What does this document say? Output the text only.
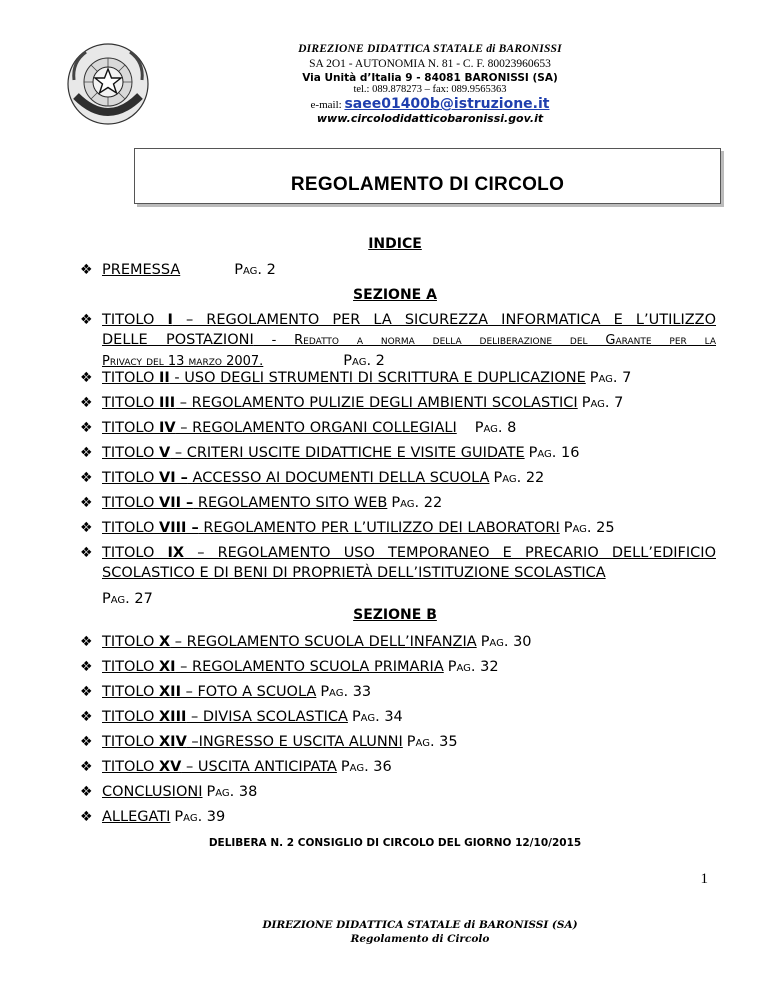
DIREZIONE DIDATTICA STATALE di BARONISSI
SA 2O1 - AUTONOMIA N. 81 - C. F. 80023960653
Via Unità d’Italia 9 - 84081 BARONISSI (SA)
tel.: 089.878273 – fax: 089.9565363
e-mail: saee01400b@istruzione.it
www.circolodidatticobaronissi.gov.it
REGOLAMENTO DI CIRCOLO
INDICE
❖ PREMESSA	Pag. 2
SEZIONE A
❖ TITOLO I – REGOLAMENTO PER LA SICUREZZA INFORMATICA E L’UTILIZZO
DELLE POSTAZIONI - Redatto a norma della deliberazione del Garante per la
Privacy del 13 marzo 2007.	Pag. 2
❖ TITOLO II - USO DEGLI STRUMENTI DI SCRITTURA E DUPLICAZIONE Pag. 7
❖ TITOLO III – REGOLAMENTO PULIZIE DEGLI AMBIENTI SCOLASTICI Pag. 7
❖ TITOLO IV – REGOLAMENTO ORGANI COLLEGIALI Pag. 8
❖ TITOLO V – CRITERI USCITE DIDATTICHE E VISITE GUIDATE Pag. 16
❖ TITOLO VI – ACCESSO AI DOCUMENTI DELLA SCUOLA Pag. 22
❖ TITOLO VII – REGOLAMENTO SITO WEB Pag. 22
❖ TITOLO VIII – REGOLAMENTO PER L’UTILIZZO DEI LABORATORI Pag. 25
❖ TITOLO IX – REGOLAMENTO USO TEMPORANEO E PRECARIO DELL’EDIFICIO
SCOLASTICO E DI BENI DI PROPRIETÀ DELL’ISTITUZIONE SCOLASTICA
Pag. 27
SEZIONE B
❖ TITOLO X – REGOLAMENTO SCUOLA DELL’INFANZIA Pag. 30
❖ TITOLO XI – REGOLAMENTO SCUOLA PRIMARIA Pag. 32
❖ TITOLO XII – FOTO A SCUOLA Pag. 33
❖ TITOLO XIII – DIVISA SCOLASTICA Pag. 34
❖ TITOLO XIV –INGRESSO E USCITA ALUNNI Pag. 35
❖ TITOLO XV – USCITA ANTICIPATA Pag. 36
❖ CONCLUSIONI Pag. 38
❖ ALLEGATI Pag. 39
DELIBERA N. 2 CONSIGLIO DI CIRCOLO DEL GIORNO 12/10/2015
1
DIREZIONE DIDATTICA STATALE di BARONISSI (SA)
Regolamento di Circolo
